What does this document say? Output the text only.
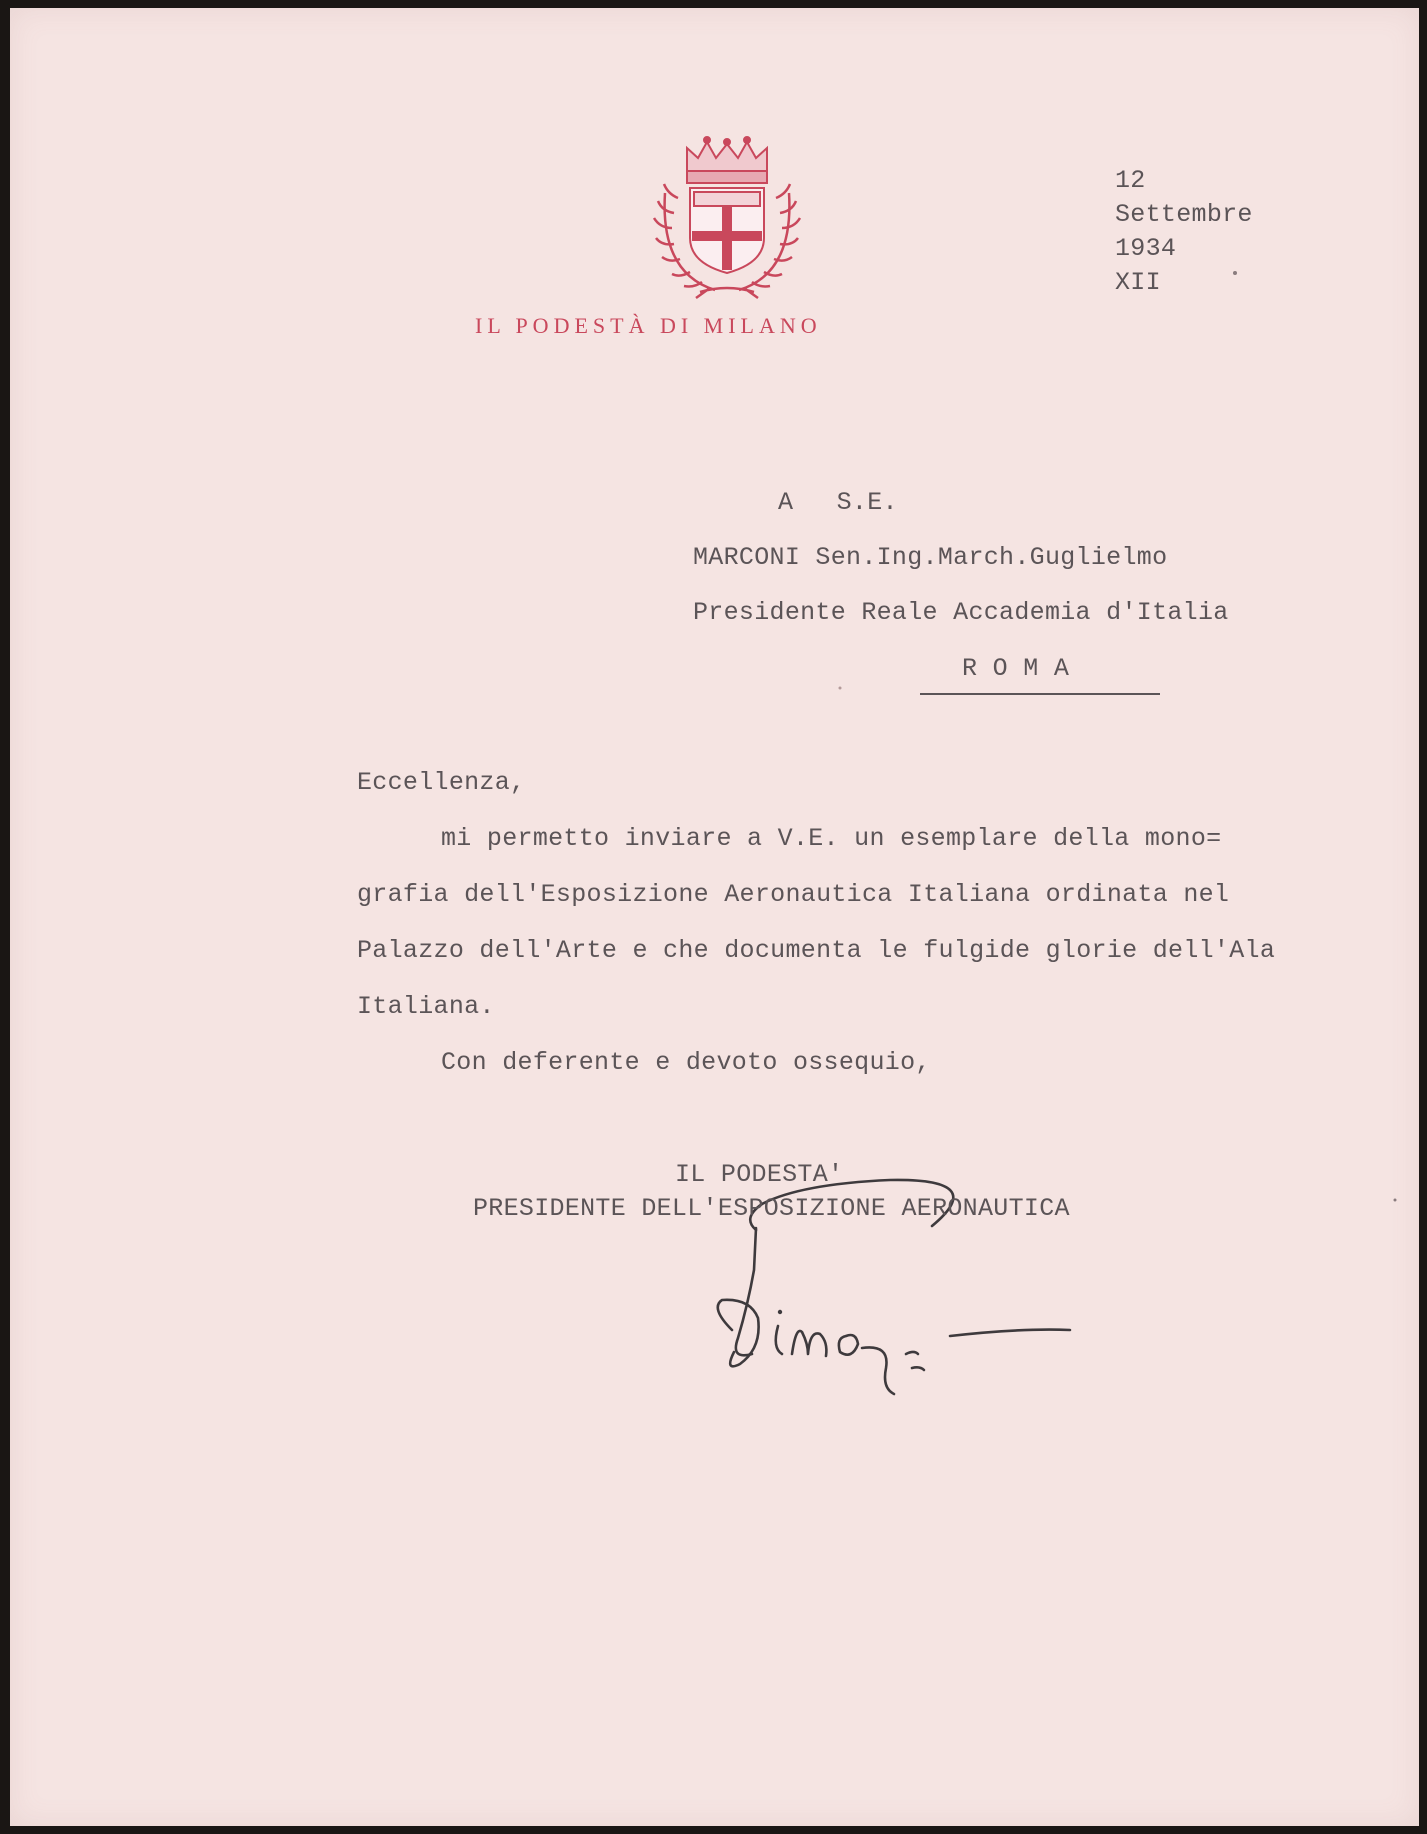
IL PODESTÀ DI MILANO
12
Settembre
1934
XII
A S.E.
MARCONI Sen.Ing.March.Guglielmo
Presidente Reale Accademia d'Italia
R O M A
Eccellenza,
mi permetto inviare a V.E. un esemplare della mono=
grafia dell'Esposizione Aeronautica Italiana ordinata nel
Palazzo dell'Arte e che documenta le fulgide glorie dell'Ala
Italiana.
Con deferente e devoto ossequio,
IL PODESTA'
PRESIDENTE DELL'ESPOSIZIONE AERONAUTICA
